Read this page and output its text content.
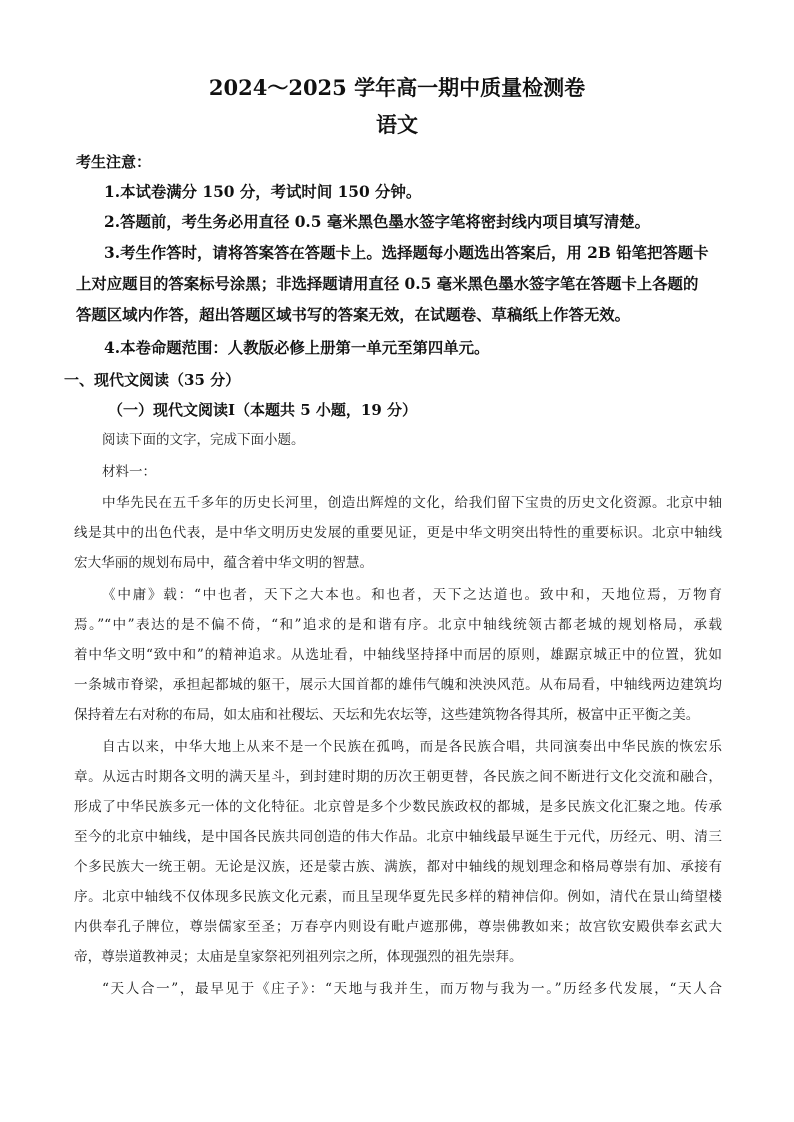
2024～2025 学年高一期中质量检测卷
语文
考生注意：
1.本试卷满分 150 分，考试时间 150 分钟。
2.答题前，考生务必用直径 0.5 毫米黑色墨水签字笔将密封线内项目填写清楚。
3.考生作答时，请将答案答在答题卡上。选择题每小题选出答案后，用 2B 铅笔把答题卡
上对应题目的答案标号涂黑；非选择题请用直径 0.5 毫米黑色墨水签字笔在答题卡上各题的
答题区域内作答，超出答题区域书写的答案无效，在试题卷、草稿纸上作答无效。
4.本卷命题范围：人教版必修上册第一单元至第四单元。
一、现代文阅读（35 分）
（一）现代文阅读Ⅰ（本题共 5 小题，19 分）
阅读下面的文字，完成下面小题。
材料一：
中华先民在五千多年的历史长河里，创造出辉煌的文化，给我们留下宝贵的历史文化资源。北京中轴
线是其中的出色代表，是中华文明历史发展的重要见证，更是中华文明突出特性的重要标识。北京中轴线
宏大华丽的规划布局中，蕴含着中华文明的智慧。
《中庸》载：“中也者，天下之大本也。和也者，天下之达道也。致中和，天地位焉，万物育
焉。”“中”表达的是不偏不倚，“和”追求的是和谐有序。北京中轴线统领古都老城的规划格局，承载
着中华文明“致中和”的精神追求。从选址看，中轴线坚持择中而居的原则，雄踞京城正中的位置，犹如
一条城市脊梁，承担起都城的躯干，展示大国首都的雄伟气魄和泱泱风范。从布局看，中轴线两边建筑均
保持着左右对称的布局，如太庙和社稷坛、天坛和先农坛等，这些建筑物各得其所，极富中正平衡之美。
自古以来，中华大地上从来不是一个民族在孤鸣，而是各民族合唱，共同演奏出中华民族的恢宏乐
章。从远古时期各文明的满天星斗，到封建时期的历次王朝更替，各民族之间不断进行文化交流和融合，
形成了中华民族多元一体的文化特征。北京曾是多个少数民族政权的都城，是多民族文化汇聚之地。传承
至今的北京中轴线，是中国各民族共同创造的伟大作品。北京中轴线最早诞生于元代，历经元、明、清三
个多民族大一统王朝。无论是汉族，还是蒙古族、满族，都对中轴线的规划理念和格局尊崇有加、承接有
序。北京中轴线不仅体现多民族文化元素，而且呈现华夏先民多样的精神信仰。例如，清代在景山绮望楼
内供奉孔子牌位，尊崇儒家至圣；万春亭内则设有毗卢遮那佛，尊崇佛教如来；故宫钦安殿供奉玄武大
帝，尊崇道教神灵；太庙是皇家祭祀列祖列宗之所，体现强烈的祖先崇拜。
“天人合一”，最早见于《庄子》：“天地与我并生，而万物与我为一。”历经多代发展，“天人合
